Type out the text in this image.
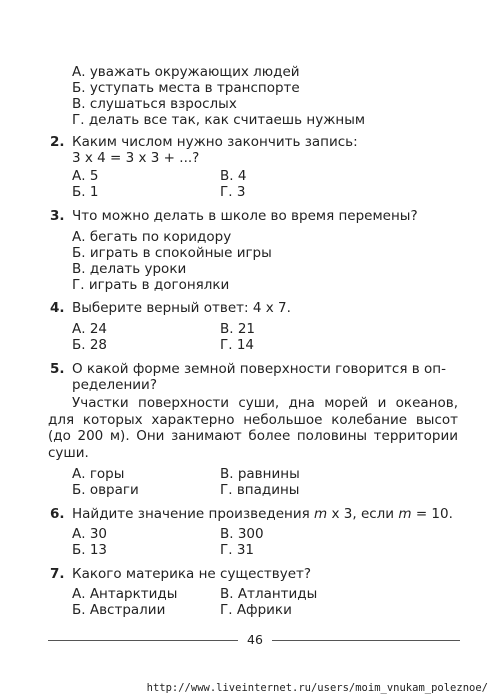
А. уважать окружающих людей
Б. уступать места в транспорте
В. слушаться взрослых
Г. делать все так, как считаешь нужным
2. Каким числом нужно закончить запись:
3 х 4 = 3 х 3 + ...?
А. 5	В. 4
Б. 1	Г. 3
3. Что можно делать в школе во время перемены?
А. бегать по коридору
Б. играть в спокойные игры
В. делать уроки
Г. играть в догонялки
4. Выберите верный ответ: 4 х 7.
А. 24	В. 21
Б. 28	Г. 14
5. О какой форме земной поверхности говорится в оп-
ределении?
Участки поверхности суши, дна морей и океанов, для которых характерно небольшое колебание высот (до 200 м). Они занимают более половины территории суши.
А. горы	В. равнины
Б. овраги	Г. впадины
6. Найдите значение произведения m х 3, если m = 10.
А. 30	В. 300
Б. 13	Г. 31
7. Какого материка не существует?
А. Антарктиды	В. Атлантиды
Б. Австралии	Г. Африки
46
http://www.liveinternet.ru/users/moim_vnukam_poleznoe/
